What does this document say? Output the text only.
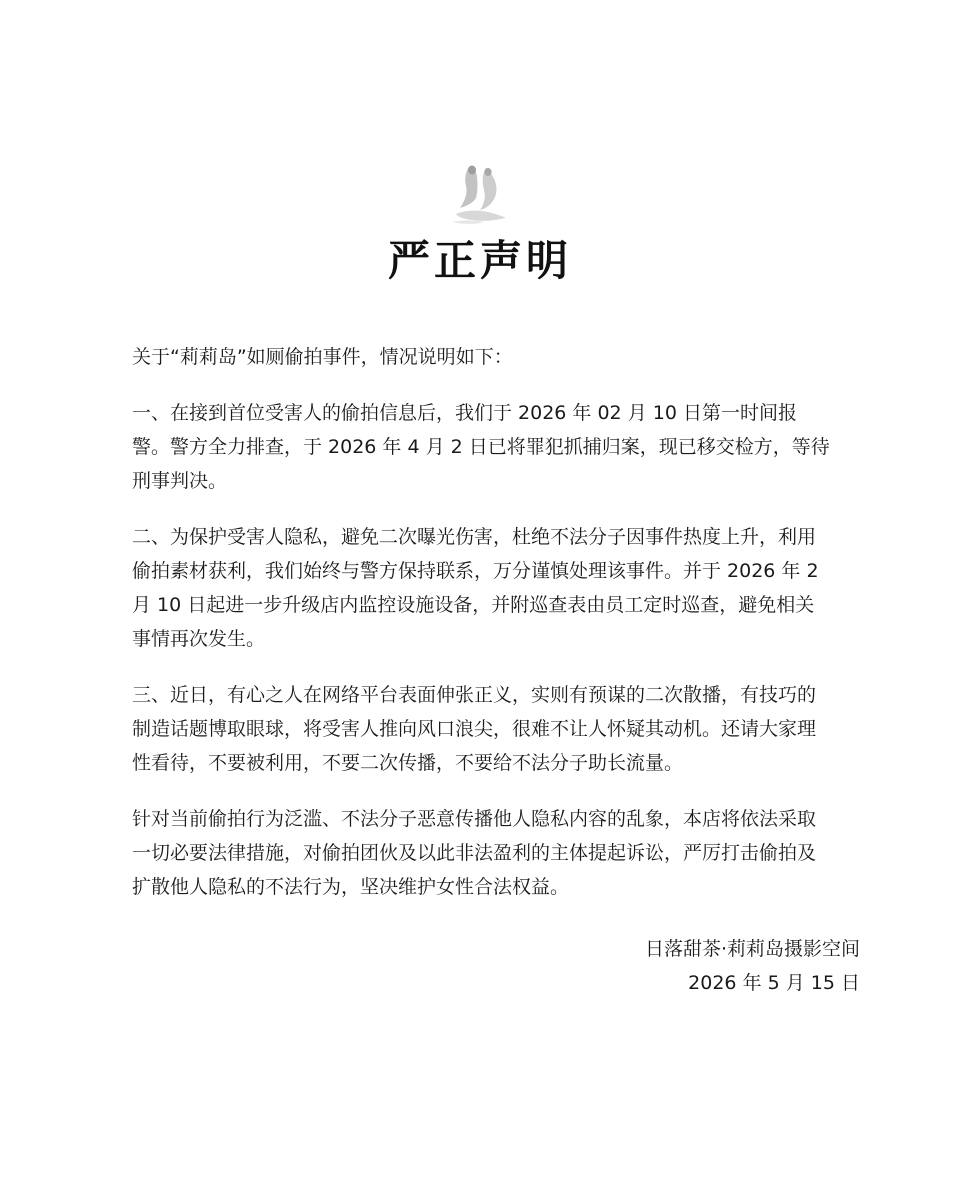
严正声明

关于“莉莉岛”如厕偷拍事件，情况说明如下：

一、在接到首位受害人的偷拍信息后，我们于 2026 年 02 月 10 日第一时间报警。警方全力排查，于 2026 年 4 月 2 日已将罪犯抓捕归案，现已移交检方，等待刑事判决。

二、为保护受害人隐私，避免二次曝光伤害，杜绝不法分子因事件热度上升，利用偷拍素材获利，我们始终与警方保持联系，万分谨慎处理该事件。并于 2026 年 2 月 10 日起进一步升级店内监控设施设备，并附巡查表由员工定时巡查，避免相关事情再次发生。

三、近日，有心之人在网络平台表面伸张正义，实则有预谋的二次散播，有技巧的制造话题博取眼球，将受害人推向风口浪尖，很难不让人怀疑其动机。还请大家理性看待，不要被利用，不要二次传播，不要给不法分子助长流量。

针对当前偷拍行为泛滥、不法分子恶意传播他人隐私内容的乱象，本店将依法采取一切必要法律措施，对偷拍团伙及以此非法盈利的主体提起诉讼，严厉打击偷拍及扩散他人隐私的不法行为，坚决维护女性合法权益。

日落甜茶·莉莉岛摄影空间
2026 年 5 月 15 日
